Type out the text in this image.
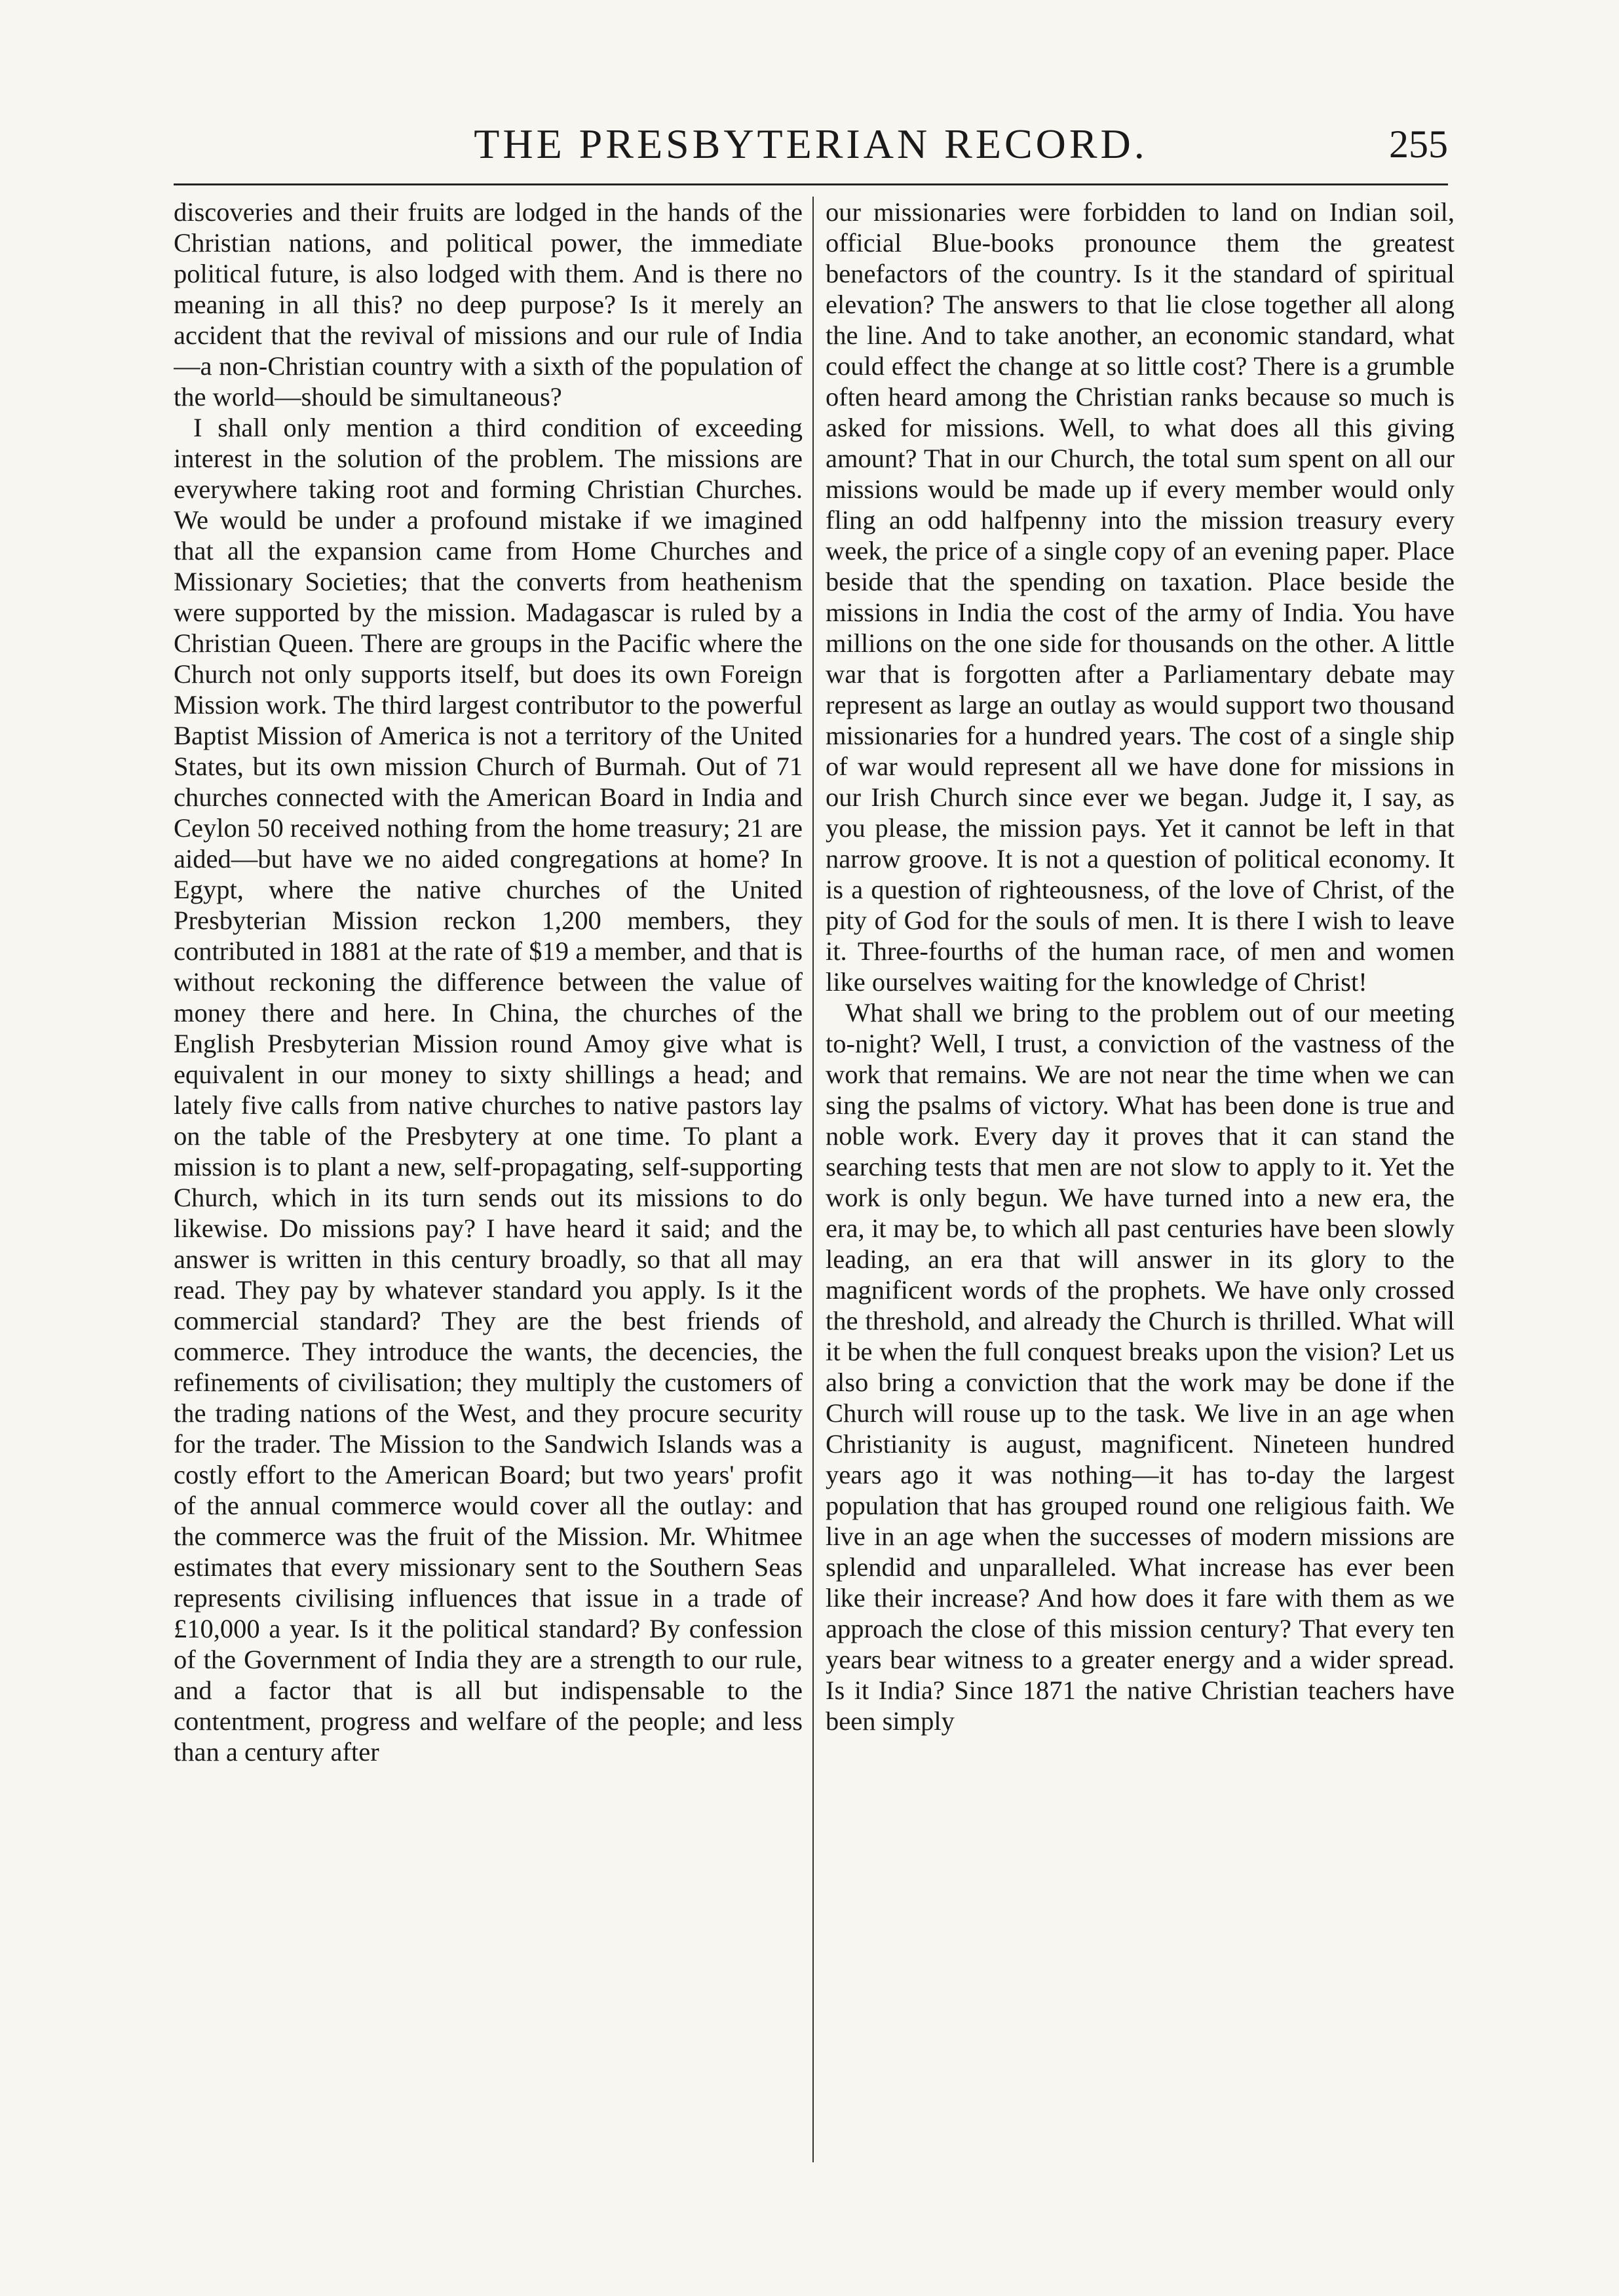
THE PRESBYTERIAN RECORD.	255

discoveries and their fruits are lodged in the hands of the Christian nations, and political power, the immediate political future, is also lodged with them. And is there no meaning in all this? no deep purpose? Is it merely an accident that the revival of missions and our rule of India—a non-Christian country with a sixth of the population of the world—should be simultaneous?

I shall only mention a third condition of exceeding interest in the solution of the problem. The missions are everywhere taking root and forming Christian Churches. We would be under a profound mistake if we imagined that all the expansion came from Home Churches and Missionary Societies; that the converts from heathenism were supported by the mission. Madagascar is ruled by a Christian Queen. There are groups in the Pacific where the Church not only supports itself, but does its own Foreign Mission work. The third largest contributor to the powerful Baptist Mission of America is not a territory of the United States, but its own mission Church of Burmah. Out of 71 churches connected with the American Board in India and Ceylon 50 received nothing from the home treasury; 21 are aided—but have we no aided congregations at home? In Egypt, where the native churches of the United Presbyterian Mission reckon 1,200 members, they contributed in 1881 at the rate of $19 a member, and that is without reckoning the difference between the value of money there and here. In China, the churches of the English Presbyterian Mission round Amoy give what is equivalent in our money to sixty shillings a head; and lately five calls from native churches to native pastors lay on the table of the Presbytery at one time. To plant a mission is to plant a new, self-propagating, self-supporting Church, which in its turn sends out its missions to do likewise. Do missions pay? I have heard it said; and the answer is written in this century broadly, so that all may read. They pay by whatever standard you apply. Is it the commercial standard? They are the best friends of commerce. They introduce the wants, the decencies, the refinements of civilisation; they multiply the customers of the trading nations of the West, and they procure security for the trader. The Mission to the Sandwich Islands was a costly effort to the American Board; but two years' profit of the annual commerce would cover all the outlay: and the commerce was the fruit of the Mission. Mr. Whitmee estimates that every missionary sent to the Southern Seas represents civilising influences that issue in a trade of £10,000 a year. Is it the political standard? By confession of the Government of India they are a strength to our rule, and a factor that is all but indispensable to the contentment, progress and welfare of the people; and less than a century after

our missionaries were forbidden to land on Indian soil, official Blue-books pronounce them the greatest benefactors of the country. Is it the standard of spiritual elevation? The answers to that lie close together all along the line. And to take another, an economic standard, what could effect the change at so little cost? There is a grumble often heard among the Christian ranks because so much is asked for missions. Well, to what does all this giving amount? That in our Church, the total sum spent on all our missions would be made up if every member would only fling an odd halfpenny into the mission treasury every week, the price of a single copy of an evening paper. Place beside that the spending on taxation. Place beside the missions in India the cost of the army of India. You have millions on the one side for thousands on the other. A little war that is forgotten after a Parliamentary debate may represent as large an outlay as would support two thousand missionaries for a hundred years. The cost of a single ship of war would represent all we have done for missions in our Irish Church since ever we began. Judge it, I say, as you please, the mission pays. Yet it cannot be left in that narrow groove. It is not a question of political economy. It is a question of righteousness, of the love of Christ, of the pity of God for the souls of men. It is there I wish to leave it. Three-fourths of the human race, of men and women like ourselves waiting for the knowledge of Christ!

What shall we bring to the problem out of our meeting to-night? Well, I trust, a conviction of the vastness of the work that remains. We are not near the time when we can sing the psalms of victory. What has been done is true and noble work. Every day it proves that it can stand the searching tests that men are not slow to apply to it. Yet the work is only begun. We have turned into a new era, the era, it may be, to which all past centuries have been slowly leading, an era that will answer in its glory to the magnificent words of the prophets. We have only crossed the threshold, and already the Church is thrilled. What will it be when the full conquest breaks upon the vision? Let us also bring a conviction that the work may be done if the Church will rouse up to the task. We live in an age when Christianity is august, magnificent. Nineteen hundred years ago it was nothing—it has to-day the largest population that has grouped round one religious faith. We live in an age when the successes of modern missions are splendid and unparalleled. What increase has ever been like their increase? And how does it fare with them as we approach the close of this mission century? That every ten years bear witness to a greater energy and a wider spread. Is it India? Since 1871 the native Christian teachers have been simply
